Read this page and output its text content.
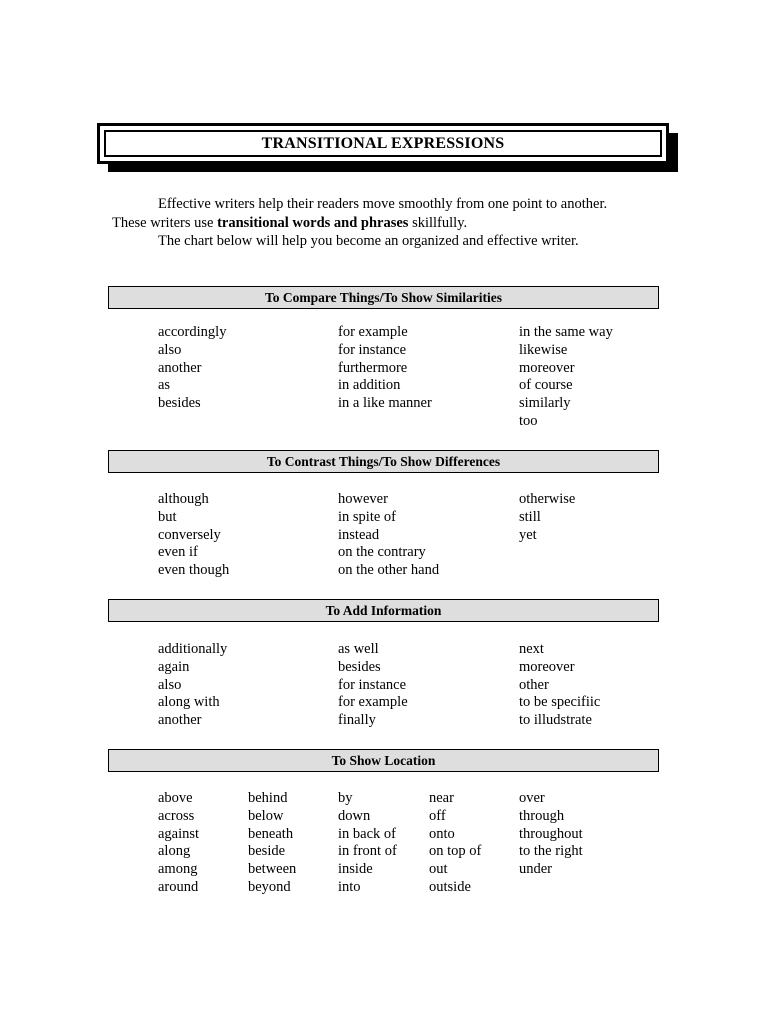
TRANSITIONAL EXPRESSIONS

Effective writers help their readers move smoothly from one point to another.

These writers use transitional words and phrases skillfully.

The chart below will help you become an organized and effective writer.

To Compare Things/To Show Similarities
accordingly
also
another
as
besides
for example
for instance
furthermore
in addition
in a like manner
in the same way
likewise
moreover
of course
similarly
too
To Contrast Things/To Show Differences
although
but
conversely
even if
even though
however
in spite of
instead
on the contrary
on the other hand
otherwise
still
yet
To Add Information
additionally
again
also
along with
another
as well
besides
for instance
for example
finally
next
moreover
other
to be specifiic
to illudstrate
To Show Location
above
across
against
along
among
around
behind
below
beneath
beside
between
beyond
by
down
in back of
in front of
inside
into
near
off
onto
on top of
out
outside
over
through
throughout
to the right
under
